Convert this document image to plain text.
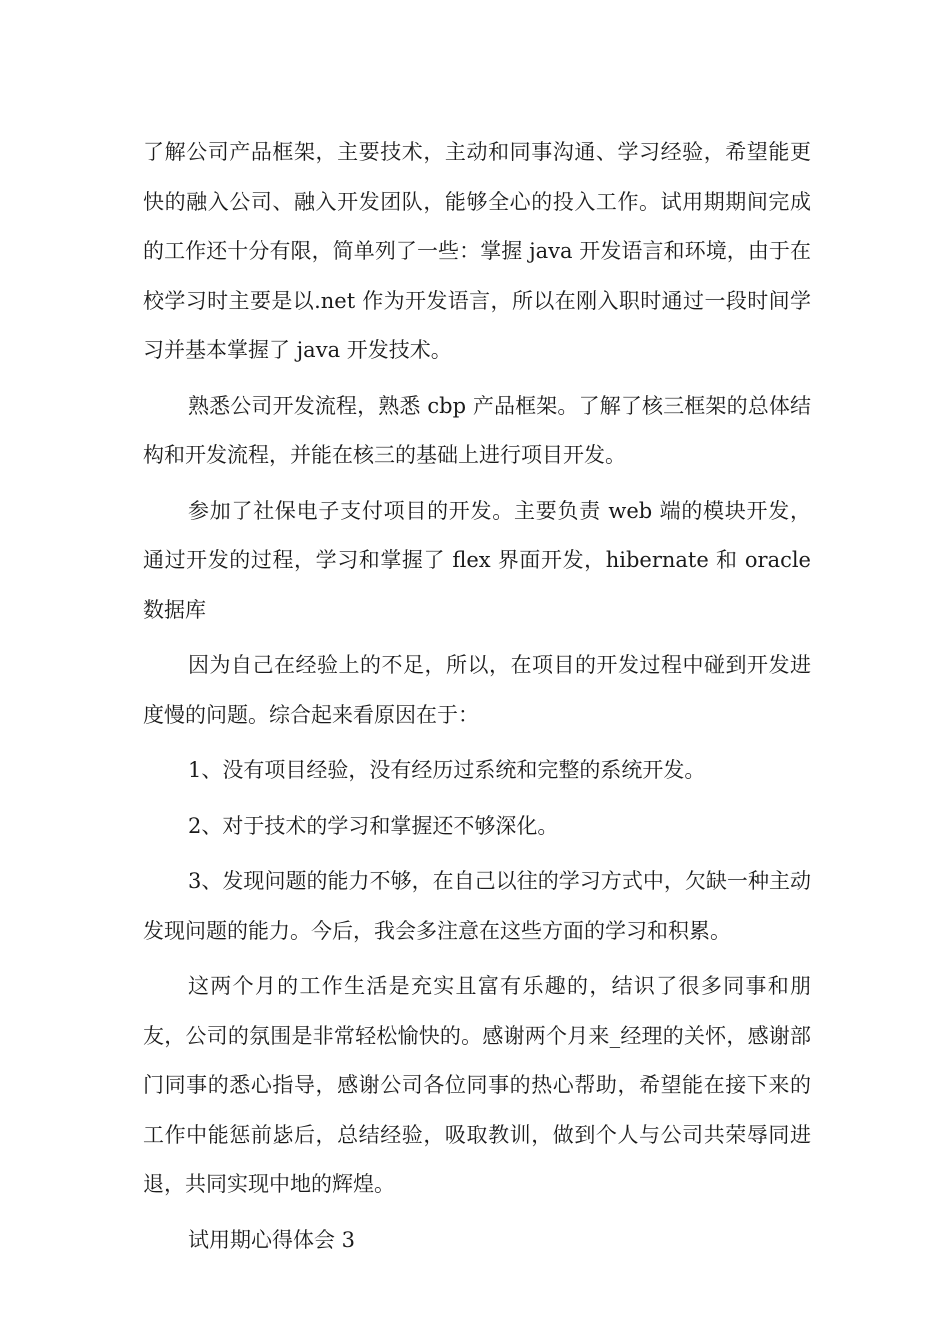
了解公司产品框架，主要技术，主动和同事沟通、学习经验，希望能更快的融入公司、融入开发团队，能够全心的投入工作。试用期期间完成的工作还十分有限，简单列了一些：掌握 java 开发语言和环境，由于在校学习时主要是以.net 作为开发语言，所以在刚入职时通过一段时间学习并基本掌握了 java 开发技术。

熟悉公司开发流程，熟悉 cbp 产品框架。了解了核三框架的总体结构和开发流程，并能在核三的基础上进行项目开发。

参加了社保电子支付项目的开发。主要负责 web 端的模块开发，通过开发的过程，学习和掌握了 flex 界面开发，hibernate 和 oracle 数据库

因为自己在经验上的不足，所以，在项目的开发过程中碰到开发进度慢的问题。综合起来看原因在于：

1、没有项目经验，没有经历过系统和完整的系统开发。

2、对于技术的学习和掌握还不够深化。

3、发现问题的能力不够，在自己以往的学习方式中，欠缺一种主动发现问题的能力。今后，我会多注意在这些方面的学习和积累。

这两个月的工作生活是充实且富有乐趣的，结识了很多同事和朋友，公司的氛围是非常轻松愉快的。感谢两个月来_经理的关怀，感谢部门同事的悉心指导，感谢公司各位同事的热心帮助，希望能在接下来的工作中能惩前毖后，总结经验，吸取教训，做到个人与公司共荣辱同进退，共同实现中地的辉煌。

试用期心得体会 3
